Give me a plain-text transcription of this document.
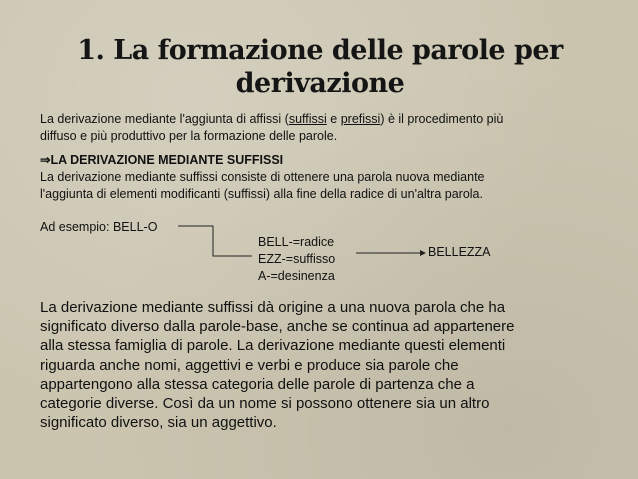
1. La formazione delle parole per
derivazione
La derivazione mediante l'aggiunta di affissi (suffissi e prefissi) è il procedimento più
diffuso e più produttivo per la formazione delle parole.
⇒LA DERIVAZIONE MEDIANTE SUFFISSI
La derivazione mediante suffissi consiste di ottenere una parola nuova mediante
l'aggiunta di elementi modificanti (suffissi) alla fine della radice di un'altra parola.
Ad esempio: BELL-O
BELL-=radice
EZZ-=suffisso
A-=desinenza
BELLEZZA
La derivazione mediante suffissi dà origine a una nuova parola che ha
significato diverso dalla parole-base, anche se continua ad appartenere
alla stessa famiglia di parole. La derivazione mediante questi elementi
riguarda anche nomi, aggettivi e verbi e produce sia parole che
appartengono alla stessa categoria delle parole di partenza che a
categorie diverse. Così da un nome si possono ottenere sia un altro
significato diverso, sia un aggettivo.
